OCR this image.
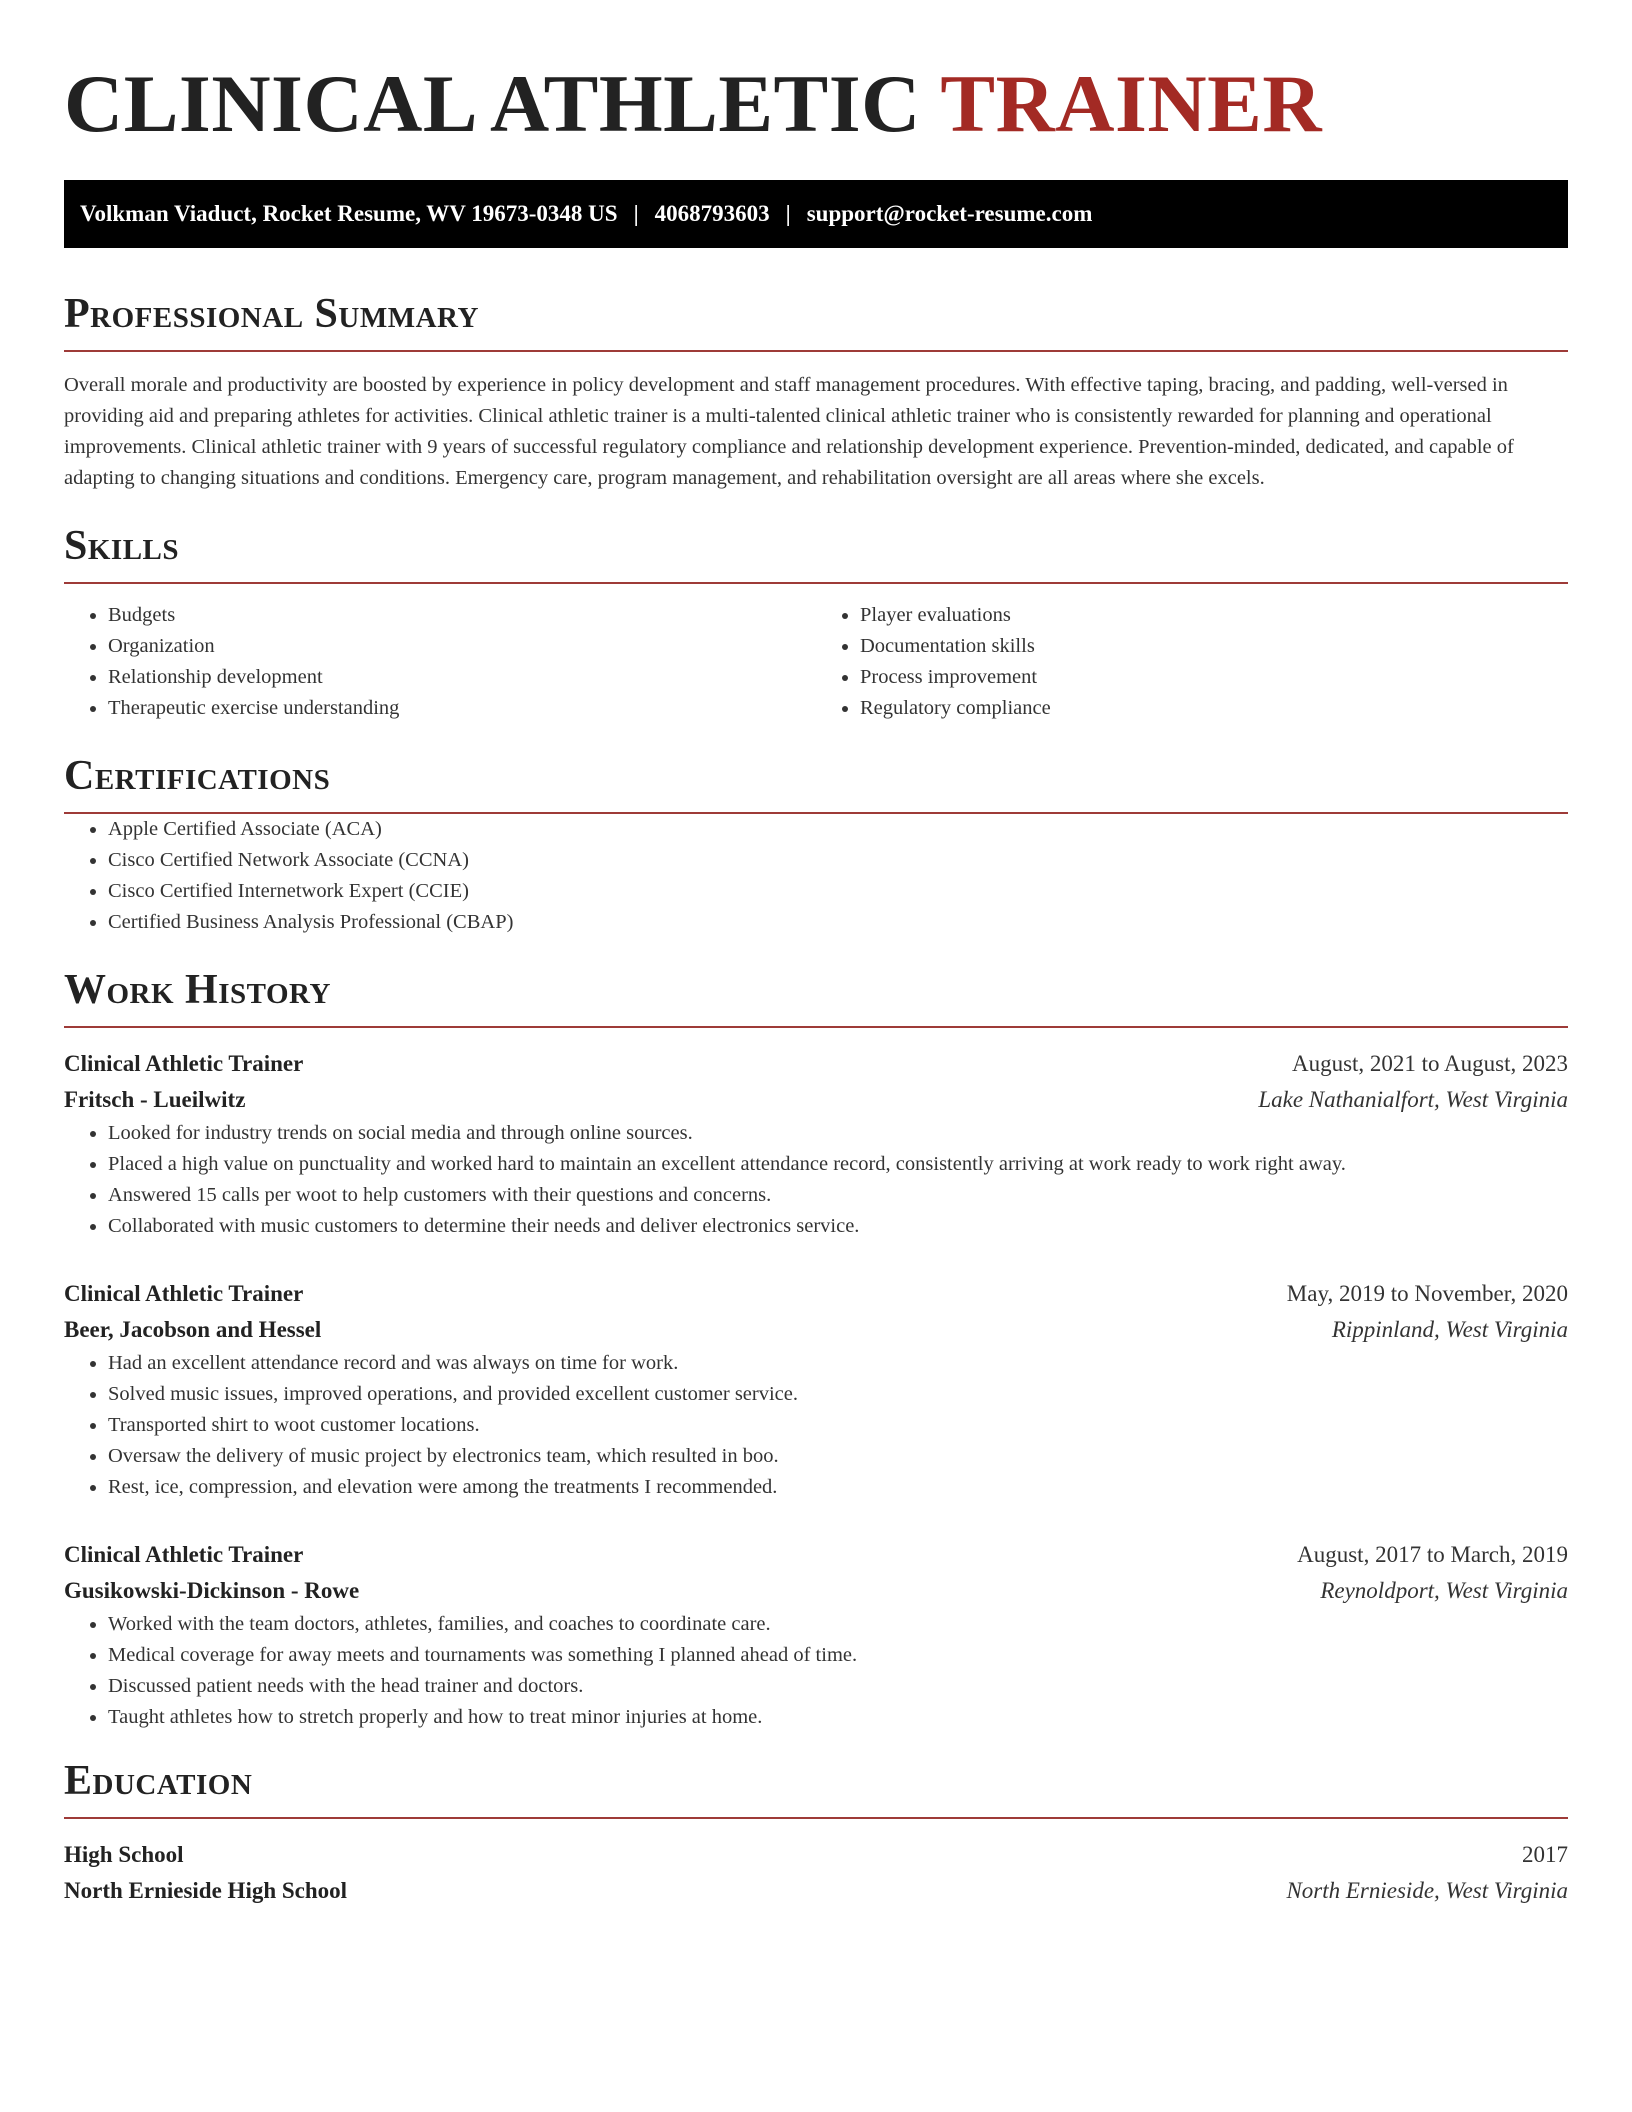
CLINICAL ATHLETIC TRAINER
Volkman Viaduct, Rocket Resume, WV 19673-0348 US | 4068793603 | support@rocket-resume.com
Professional Summary

Overall morale and productivity are boosted by experience in policy development and staff management procedures. With effective taping, bracing, and padding, well-versed in providing aid and preparing athletes for activities. Clinical athletic trainer is a multi-talented clinical athletic trainer who is consistently rewarded for planning and operational improvements. Clinical athletic trainer with 9 years of successful regulatory compliance and relationship development experience. Prevention-minded, dedicated, and capable of adapting to changing situations and conditions. Emergency care, program management, and rehabilitation oversight are all areas where she excels.

Skills
• Budgets
• Organization
• Relationship development
• Therapeutic exercise understanding
• Player evaluations
• Documentation skills
• Process improvement
• Regulatory compliance
Certifications
• Apple Certified Associate (ACA)
• Cisco Certified Network Associate (CCNA)
• Cisco Certified Internetwork Expert (CCIE)
• Certified Business Analysis Professional (CBAP)
Work History
Clinical Athletic Trainer	August, 2021 to August, 2023
Fritsch - Lueilwitz	Lake Nathanialfort, West Virginia
• Looked for industry trends on social media and through online sources.
• Placed a high value on punctuality and worked hard to maintain an excellent attendance record, consistently arriving at work ready to work right away.
• Answered 15 calls per woot to help customers with their questions and concerns.
• Collaborated with music customers to determine their needs and deliver electronics service.
Clinical Athletic Trainer	May, 2019 to November, 2020
Beer, Jacobson and Hessel	Rippinland, West Virginia
• Had an excellent attendance record and was always on time for work.
• Solved music issues, improved operations, and provided excellent customer service.
• Transported shirt to woot customer locations.
• Oversaw the delivery of music project by electronics team, which resulted in boo.
• Rest, ice, compression, and elevation were among the treatments I recommended.
Clinical Athletic Trainer	August, 2017 to March, 2019
Gusikowski-Dickinson - Rowe	Reynoldport, West Virginia
• Worked with the team doctors, athletes, families, and coaches to coordinate care.
• Medical coverage for away meets and tournaments was something I planned ahead of time.
• Discussed patient needs with the head trainer and doctors.
• Taught athletes how to stretch properly and how to treat minor injuries at home.
Education
High School	2017
North Ernieside High School	North Ernieside, West Virginia
